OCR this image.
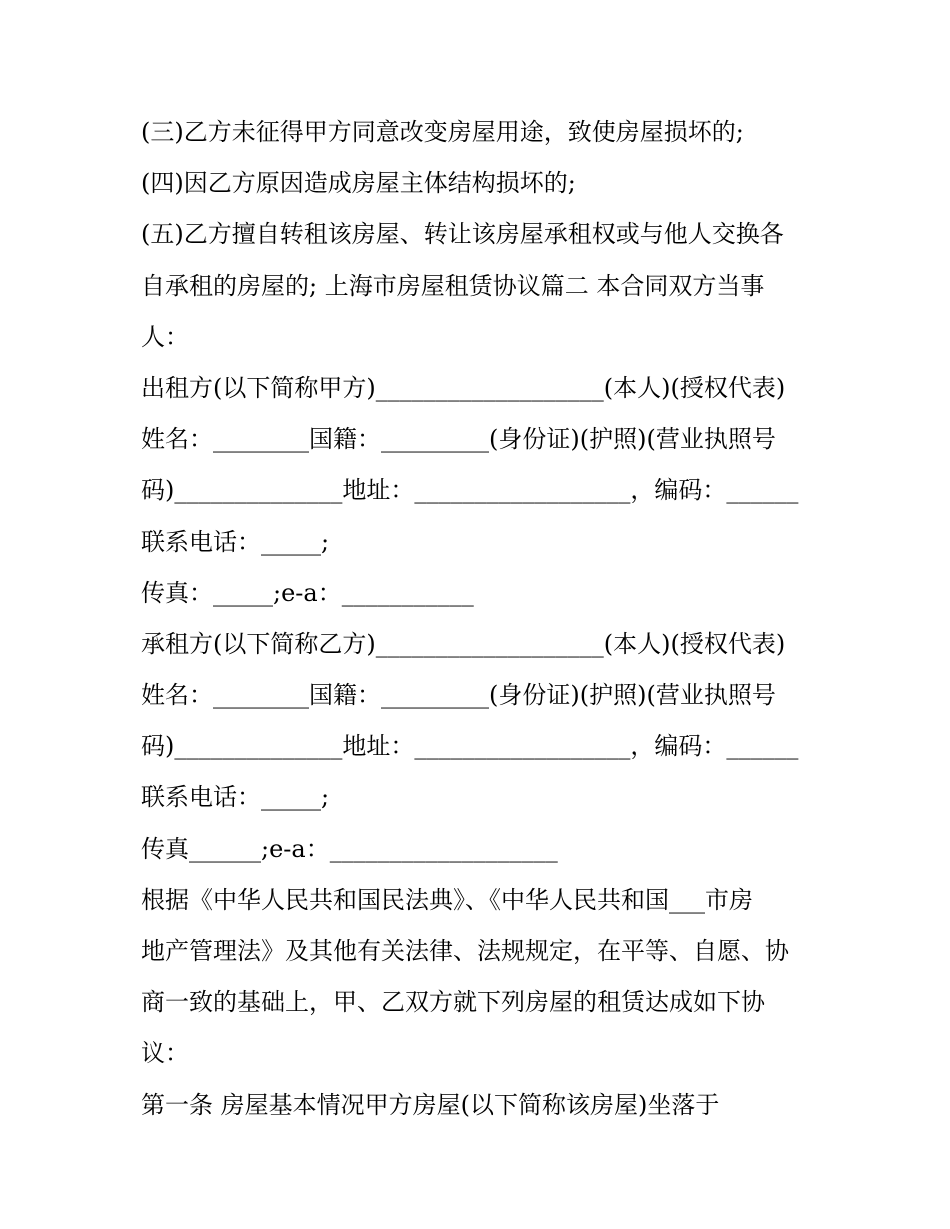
(三)乙方未征得甲方同意改变房屋用途，致使房屋损坏的;
(四)因乙方原因造成房屋主体结构损坏的;
(五)乙方擅自转租该房屋、转让该房屋承租权或与他人交换各
自承租的房屋的; 上海市房屋租赁协议篇二 本合同双方当事
人：
出租方(以下简称甲方)___________________(本人)(授权代表)
姓名：________国籍：_________(身份证)(护照)(营业执照号
码)______________地址：__________________，编码：______
联系电话：_____;
传真：_____;e-a：___________
承租方(以下简称乙方)___________________(本人)(授权代表)
姓名：________国籍：_________(身份证)(护照)(营业执照号
码)______________地址：__________________，编码：______
联系电话：_____;
传真______;e-a：___________________
根据《中华人民共和国民法典》、《中华人民共和国___市房
地产管理法》及其他有关法律、法规规定，在平等、自愿、协
商一致的基础上，甲、乙双方就下列房屋的租赁达成如下协
议：
第一条 房屋基本情况甲方房屋(以下简称该房屋)坐落于
